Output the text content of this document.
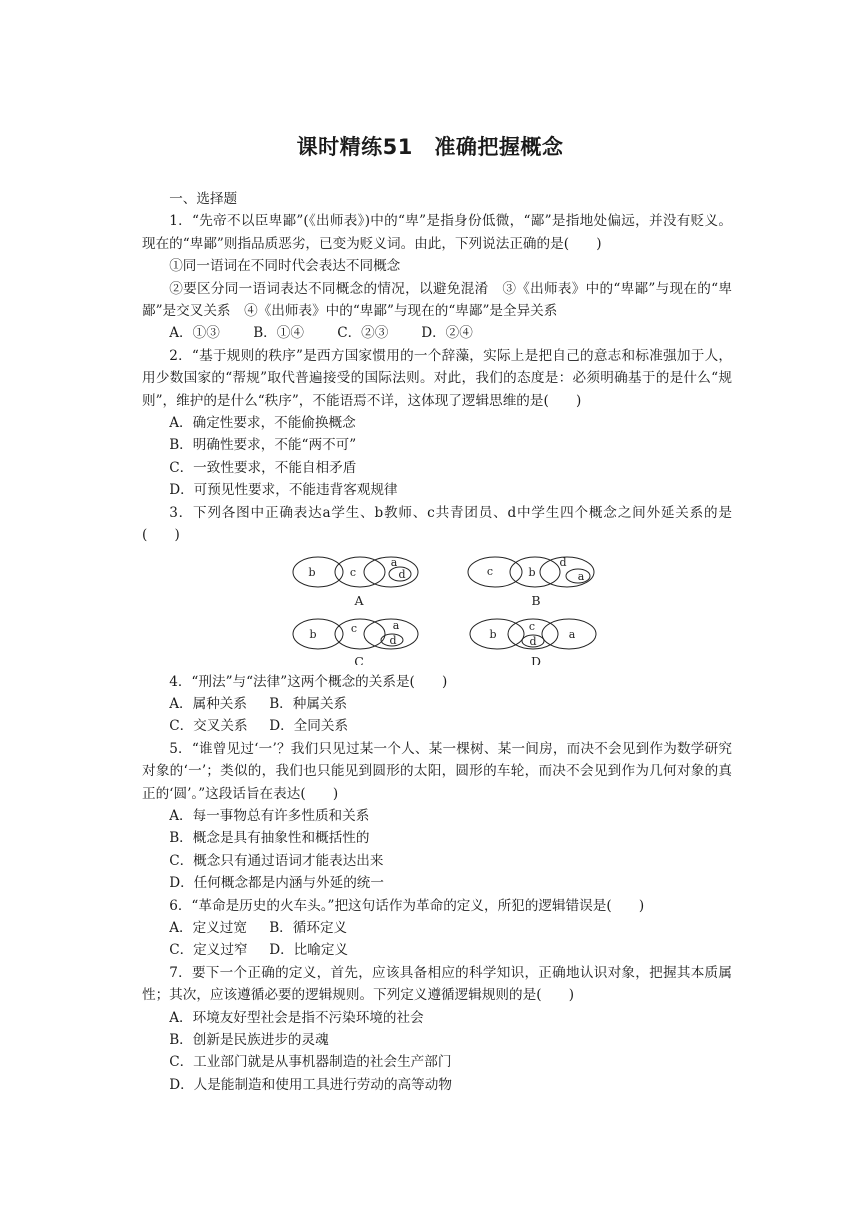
课时精练51　准确把握概念

一、选择题

1．“先帝不以臣卑鄙”(《出师表》)中的“卑”是指身份低微，“鄙”是指地处偏远，并没有贬义。现在的“卑鄙”则指品质恶劣，已变为贬义词。由此，下列说法正确的是(　　)

①同一语词在不同时代会表达不同概念

②要区分同一语词表达不同概念的情况，以避免混淆　③《出师表》中的“卑鄙”与现在的“卑鄙”是交叉关系　④《出师表》中的“卑鄙”与现在的“卑鄙”是全异关系

A．①③ B．①④ C．②③ D．②④

2．“基于规则的秩序”是西方国家惯用的一个辞藻，实际上是把自己的意志和标准强加于人，用少数国家的“帮规”取代普遍接受的国际法则。对此，我们的态度是：必须明确基于的是什么“规则”，维护的是什么“秩序”，不能语焉不详，这体现了逻辑思维的是(　　)

A．确定性要求，不能偷换概念

B．明确性要求，不能“两不可”

C．一致性要求，不能自相矛盾

D．可预见性要求，不能违背客观规律

3．下列各图中正确表达a学生、b教师、c共青团员、d中学生四个概念之间外延关系的是(　　)

b	c
a
d	c	b
d
a
b	c	a
d	b
c
a
d
A	B
C	D

4．“刑法”与“法律”这两个概念的关系是(　　)

A．属种关系 B．种属关系
C．交叉关系 D．全同关系

5．“谁曾见过‘一’？我们只见过某一个人、某一棵树、某一间房，而决不会见到作为数学研究对象的‘一’；类似的，我们也只能见到圆形的太阳，圆形的车轮，而决不会见到作为几何对象的真正的‘圆’。”这段话旨在表达(　　)

A．每一事物总有许多性质和关系

B．概念是具有抽象性和概括性的

C．概念只有通过语词才能表达出来

D．任何概念都是内涵与外延的统一

6．“革命是历史的火车头。”把这句话作为革命的定义，所犯的逻辑错误是(　　)

A．定义过宽 B．循环定义
C．定义过窄 D．比喻定义

7．要下一个正确的定义，首先，应该具备相应的科学知识，正确地认识对象，把握其本质属性；其次，应该遵循必要的逻辑规则。下列定义遵循逻辑规则的是(　　)

A．环境友好型社会是指不污染环境的社会

B．创新是民族进步的灵魂

C．工业部门就是从事机器制造的社会生产部门

D．人是能制造和使用工具进行劳动的高等动物
